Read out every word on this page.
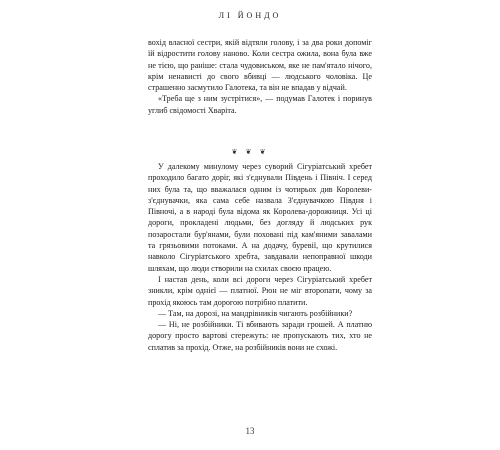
ЛІ ЙОНДО

вохід власної сестри, якій відтяли голову, і за два роки допоміг їй відростити голову наново. Коли сестра ожила, вона була вже не тією, що раніше: стала чудовиськом, яке не пам'ятало нічого, крім ненависті до свого вбивці — людського чоловіка. Це страшенно засмутило Галотека, та він не впадав у відчай.

«Треба ще з ним зустрітися», — подумав Галотек і поринув углиб свідомості Хваріта.

❦ ❦ ❦

У далекому минулому через суворий Сігуріатський хребет проходило багато доріг, які з'єднували Південь і Північ. І серед них була та, що вважалася одним із чотирьох див Королеви-з'єднувачки, яка сама себе назвала З'єднувачкою Півдня і Півночі, а в народі була відома як Королева-дорожниця. Усі ці дороги, прокладені людьми, без догляду й людських рук позаростали бур'янами, були поховані під кам'яними завалами та грязьовими потоками. А на додачу, буревії, що крутилися навколо Сігуріатського хребта, завдавали непоправної шкоди шляхам, що люди створили на схилах своєю працею.

І настав день, коли всі дороги через Сігуріатський хребет зникли, крім однієї — платної. Рюн не міг второпати, чому за прохід якоюсь там дорогою потрібно платити.

— Там, на дорозі, на мандрівників чигають розбійники?

— Ні, не розбійники. Ті вбивають заради грошей. А платню дорогу просто вартові стережуть: не пропускають тих, хто не сплатив за прохід. Отже, на розбійників вони не схожі.

13
